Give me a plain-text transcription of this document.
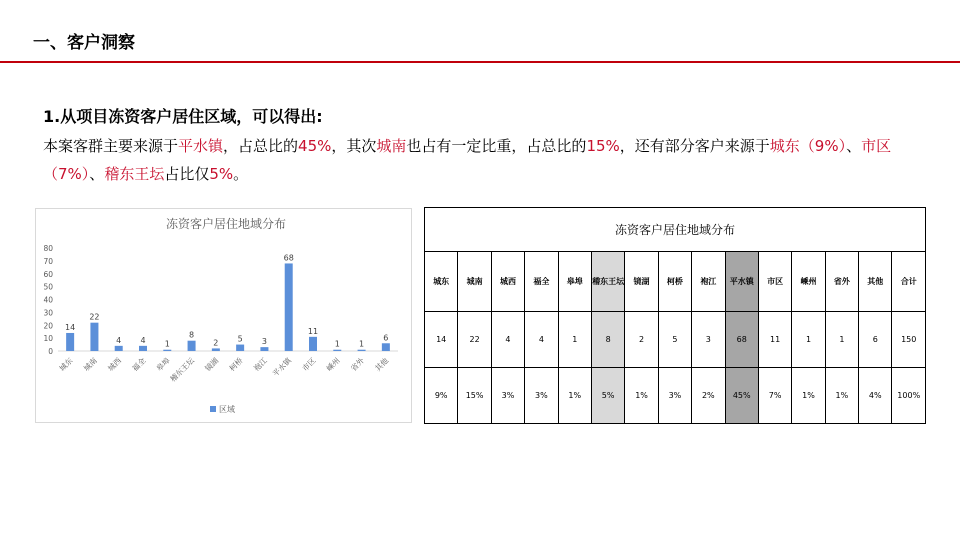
一、客户洞察
1.从项目冻资客户居住区域，可以得出:
本案客群主要来源于平水镇，占总比的45%，其次城南也占有一定比重，占总比的15%，还有部分客户来源于城东（9%）、市区（7%）、稽东王坛占比仅5%。
冻资客户居住地域分布
0
10
20
30
40
50
60
70
80
14
城东
22
城南
4
城西
4
福全
1
皋埠
8
稽东王坛
2
镜湖
5
柯桥
3
袍江
68
平水镇
11
市区
1
嵊州
1
省外
6
其他
区域
冻资客户居住地域分布														
城东	城南	城西	福全	皋埠	稽东王坛	镜湖	柯桥	袍江	平水镇	市区	嵊州	省外	其他	合计
14	22	4	4	1	8	2	5	3	68	11	1	1	6	150
9%	15%	3%	3%	1%	5%	1%	3%	2%	45%	7%	1%	1%	4%	100%
